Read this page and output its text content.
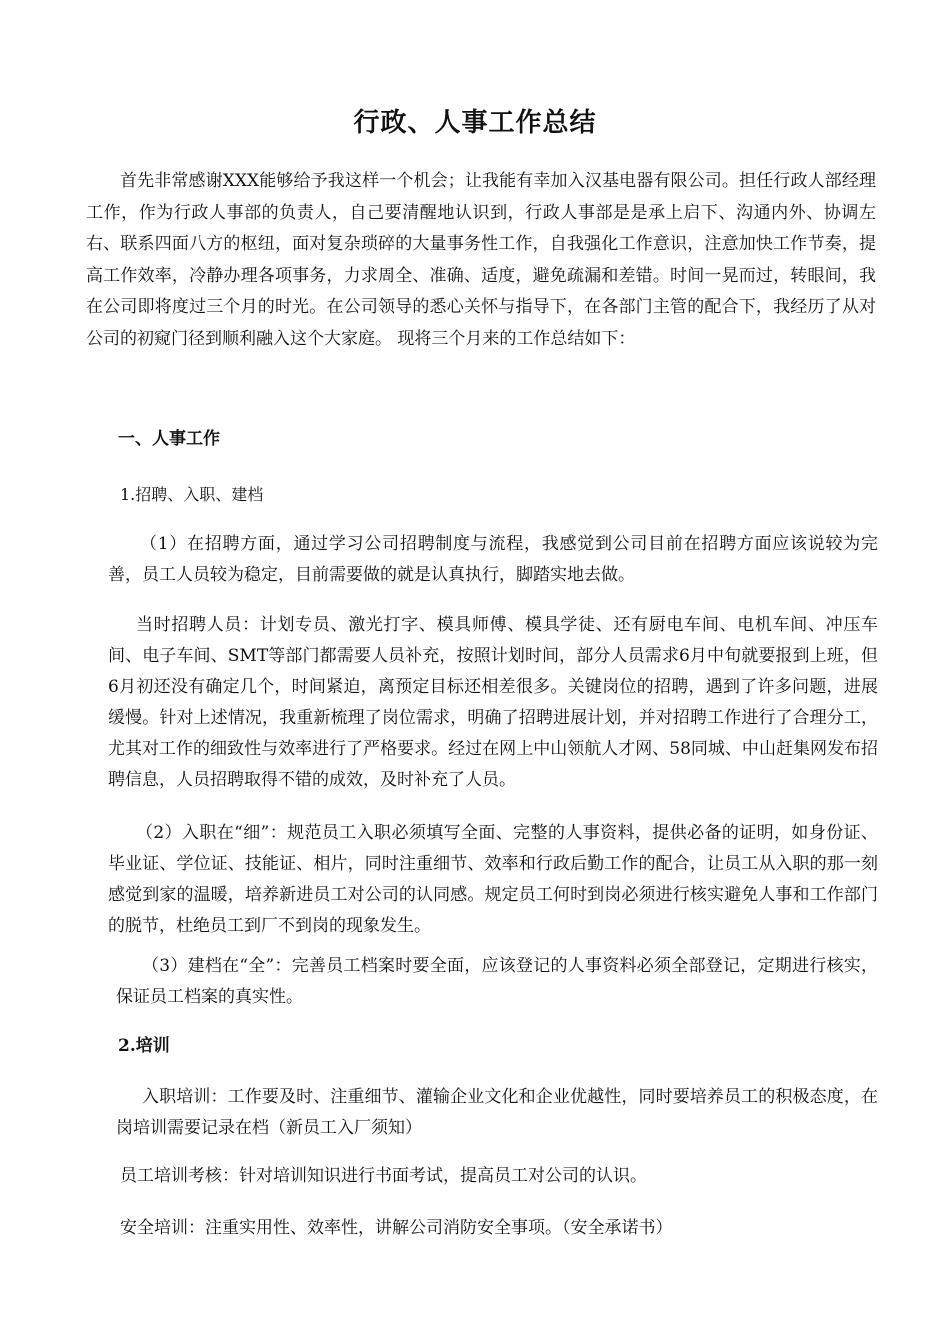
行政、人事工作总结

首先非常感谢XXX能够给予我这样一个机会；让我能有幸加入汉基电器有限公司。担任行政人部经理工作，作为行政人事部的负责人，自己要清醒地认识到，行政人事部是是承上启下、沟通内外、协调左右、联系四面八方的枢纽，面对复杂琐碎的大量事务性工作，自我强化工作意识，注意加快工作节奏，提高工作效率，冷静办理各项事务，力求周全、准确、适度，避免疏漏和差错。时间一晃而过，转眼间，我在公司即将度过三个月的时光。在公司领导的悉心关怀与指导下，在各部门主管的配合下，我经历了从对公司的初窥门径到顺利融入这个大家庭。 现将三个月来的工作总结如下：

一、人事工作
1.招聘、入职、建档

（1）在招聘方面，通过学习公司招聘制度与流程，我感觉到公司目前在招聘方面应该说较为完善，员工人员较为稳定，目前需要做的就是认真执行，脚踏实地去做。

当时招聘人员：计划专员、激光打字、模具师傅、模具学徒、还有厨电车间、电机车间、冲压车间、电子车间、SMT等部门都需要人员补充，按照计划时间，部分人员需求6月中旬就要报到上班，但6月初还没有确定几个，时间紧迫，离预定目标还相差很多。关键岗位的招聘，遇到了许多问题，进展缓慢。针对上述情况，我重新梳理了岗位需求，明确了招聘进展计划，并对招聘工作进行了合理分工，尤其对工作的细致性与效率进行了严格要求。经过在网上中山领航人才网、58同城、中山赶集网发布招聘信息，人员招聘取得不错的成效，及时补充了人员。

（2）入职在“细”：规范员工入职必须填写全面、完整的人事资料，提供必备的证明，如身份证、毕业证、学位证、技能证、相片，同时注重细节、效率和行政后勤工作的配合，让员工从入职的那一刻感觉到家的温暖，培养新进员工对公司的认同感。规定员工何时到岗必须进行核实避免人事和工作部门的脱节，杜绝员工到厂不到岗的现象发生。

（3）建档在“全”：完善员工档案时要全面，应该登记的人事资料必须全部登记，定期进行核实，保证员工档案的真实性。

2.培训

入职培训：工作要及时、注重细节、灌输企业文化和企业优越性，同时要培养员工的积极态度，在岗培训需要记录在档（新员工入厂须知）

员工培训考核：针对培训知识进行书面考试，提高员工对公司的认识。

安全培训：注重实用性、效率性，讲解公司消防安全事项。（安全承诺书）
